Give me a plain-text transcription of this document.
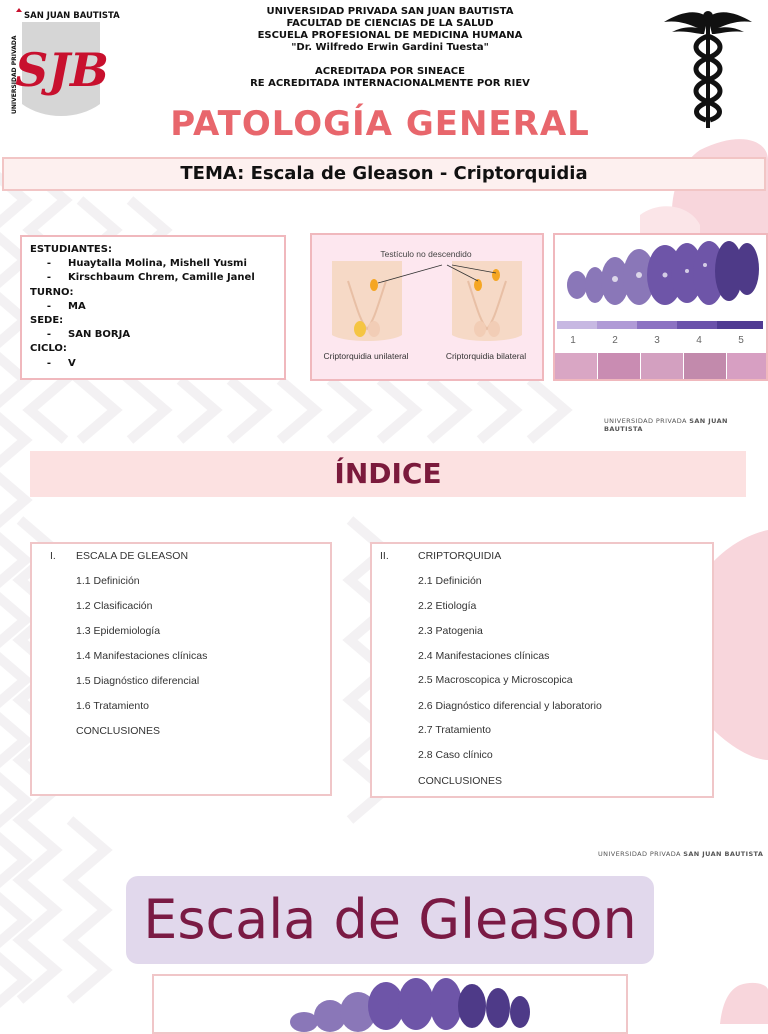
SAN JUAN BAUTISTA
SJB
UNIVERSIDAD PRIVADA
UNIVERSIDAD PRIVADA SAN JUAN BAUTISTA
FACULTAD DE CIENCIAS DE LA SALUD
ESCUELA PROFESIONAL DE MEDICINA HUMANA
"Dr. Wilfredo Erwin Gardini Tuesta"
ACREDITADA POR SINEACE
RE ACREDITADA INTERNACIONALMENTE POR RIEV
PATOLOGÍA GENERAL
TEMA: Escala de Gleason - Criptorquidia
ESTUDIANTES:
-	Huaytalla Molina, Mishell Yusmi
-	Kirschbaum Chrem, Camille Janel
TURNO:
-	MA
SEDE:
-	SAN BORJA
CICLO:
-	V
Testículo no descendido
Criptorquidia unilateral	Criptorquidia bilateral
1	2	3	4	5
UNIVERSIDAD PRIVADA SAN JUAN BAUTISTA
ÍNDICE
I. ESCALA DE GLEASON
1.1 Definición
1.2 Clasificación
1.3 Epidemiología
1.4 Manifestaciones clínicas
1.5 Diagnóstico diferencial
1.6 Tratamiento
CONCLUSIONES
II.	CRIPTORQUIDIA
2.1 Definición
2.2 Etiología
2.3 Patogenia
2.4 Manifestaciones clínicas
2.5 Macroscopica y Microscopica
2.6 Diagnóstico diferencial y laboratorio
2.7 Tratamiento
2.8 Caso clínico
CONCLUSIONES
UNIVERSIDAD PRIVADA SAN JUAN BAUTISTA
Escala de Gleason
